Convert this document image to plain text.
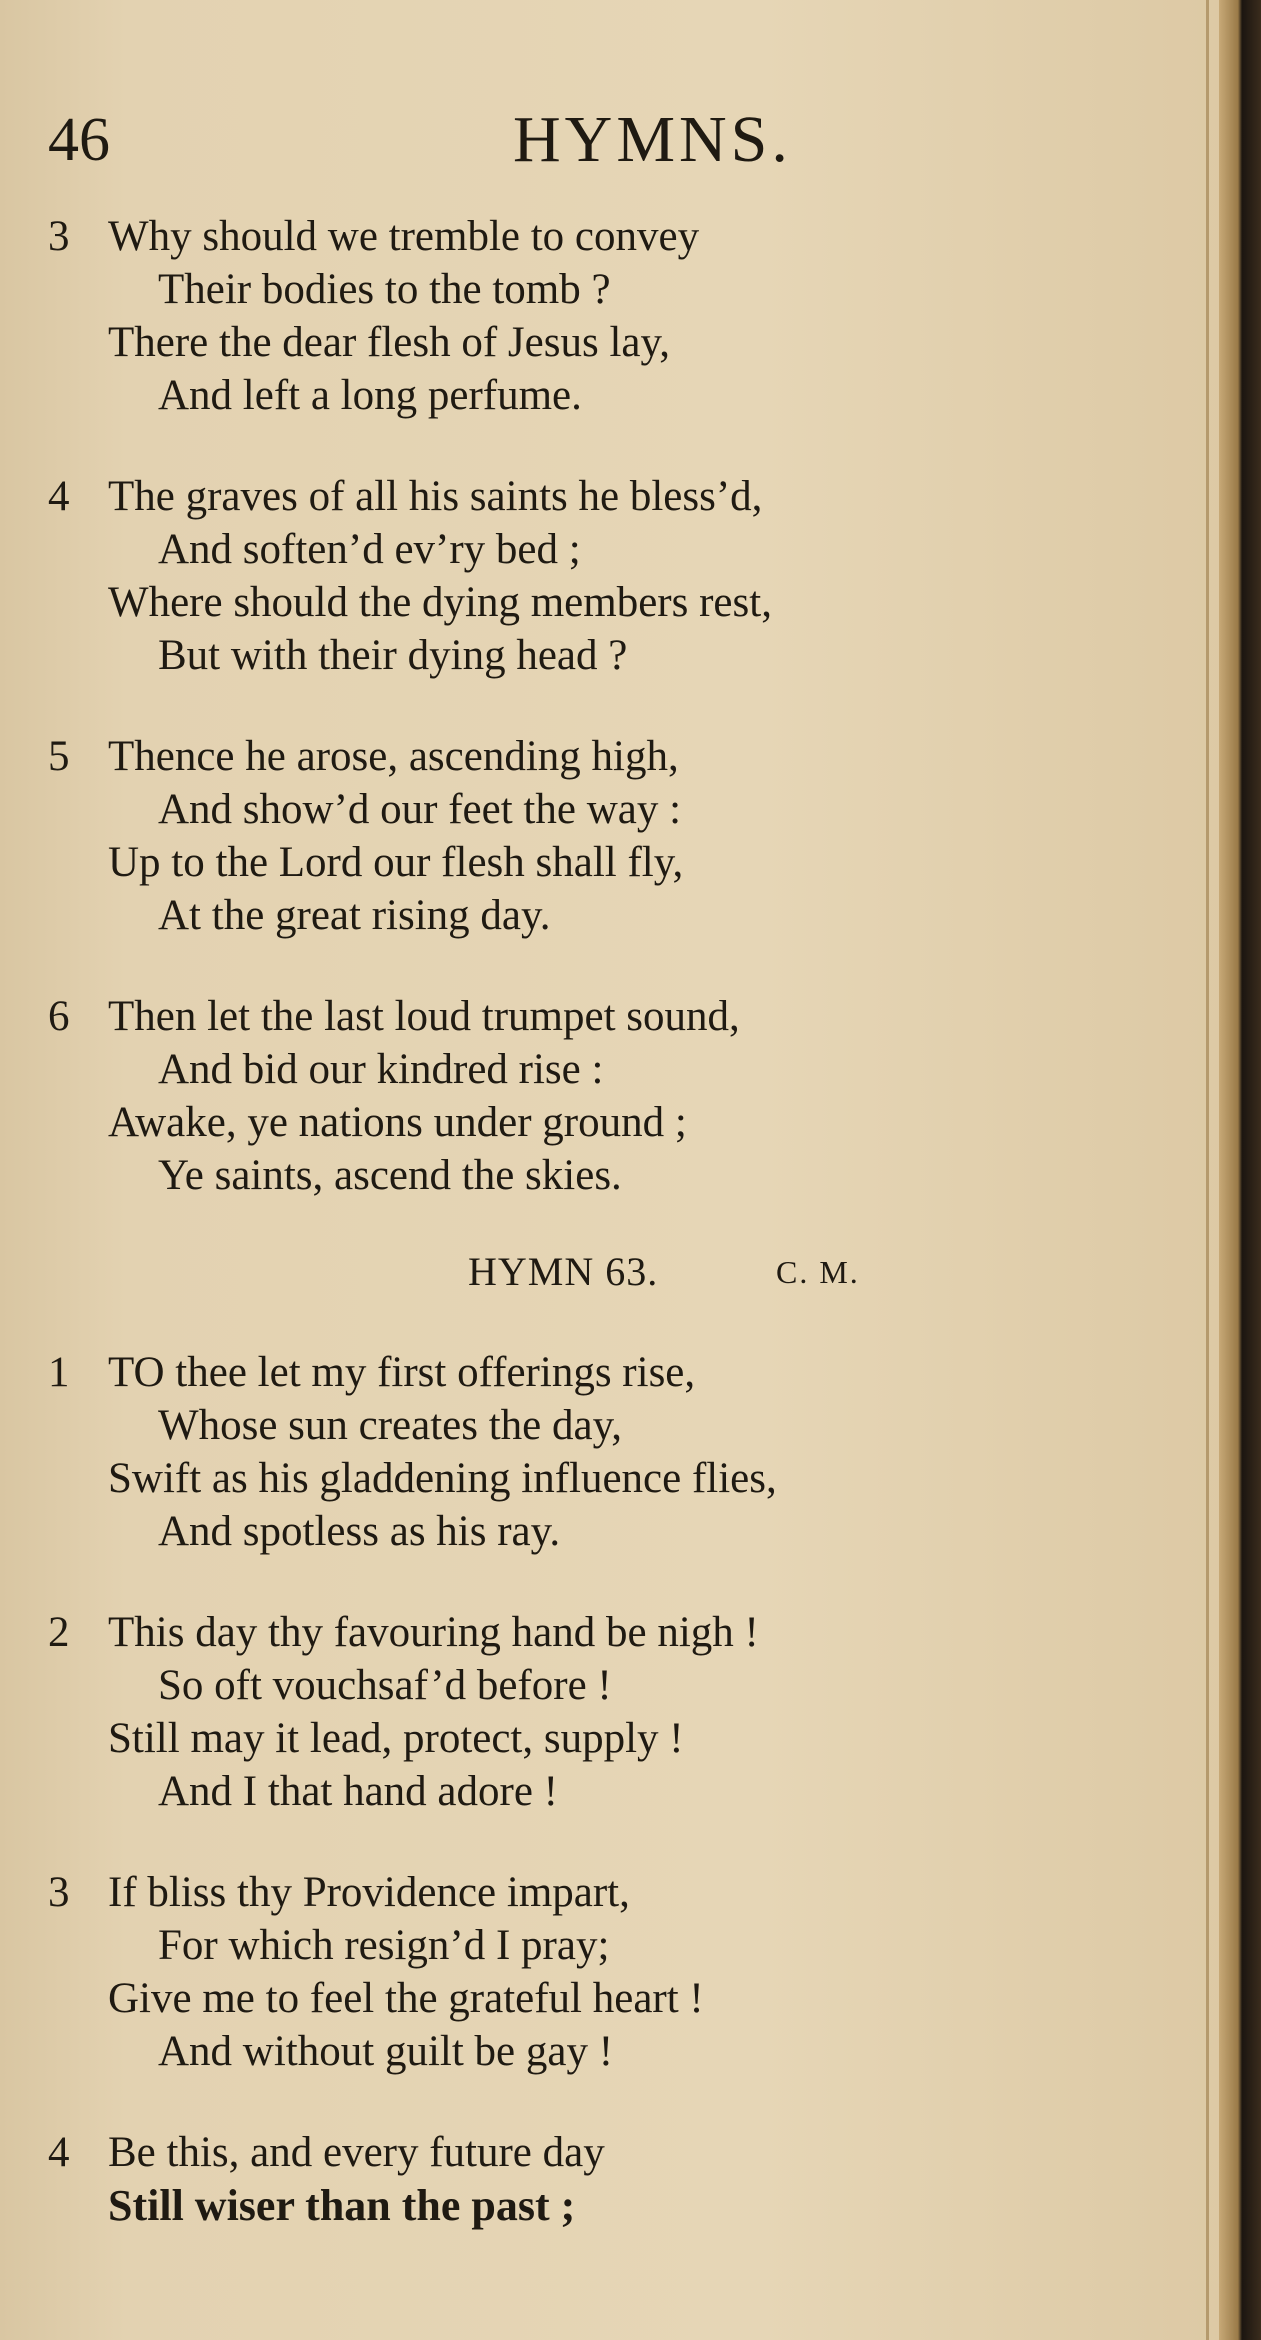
46	HYMNS.
3 Why should we tremble to convey
Their bodies to the tomb ?
There the dear flesh of Jesus lay,
And left a long perfume.
4 The graves of all his saints he bless’d,
And soften’d ev’ry bed ;
Where should the dying members rest,
But with their dying head ?
5 Thence he arose, ascending high,
And show’d our feet the way :
Up to the Lord our flesh shall fly,
At the great rising day.
6 Then let the last loud trumpet sound,
And bid our kindred rise :
Awake, ye nations under ground ;
Ye saints, ascend the skies.
HYMN 63.	C. M.
1 TO thee let my first offerings rise,
Whose sun creates the day,
Swift as his gladdening influence flies,
And spotless as his ray.
2 This day thy favouring hand be nigh !
So oft vouchsaf’d before !
Still may it lead, protect, supply !
And I that hand adore !
3 If bliss thy Providence impart,
For which resign’d I pray;
Give me to feel the grateful heart !
And without guilt be gay !
4 Be this, and every future day
Still wiser than the past ;
